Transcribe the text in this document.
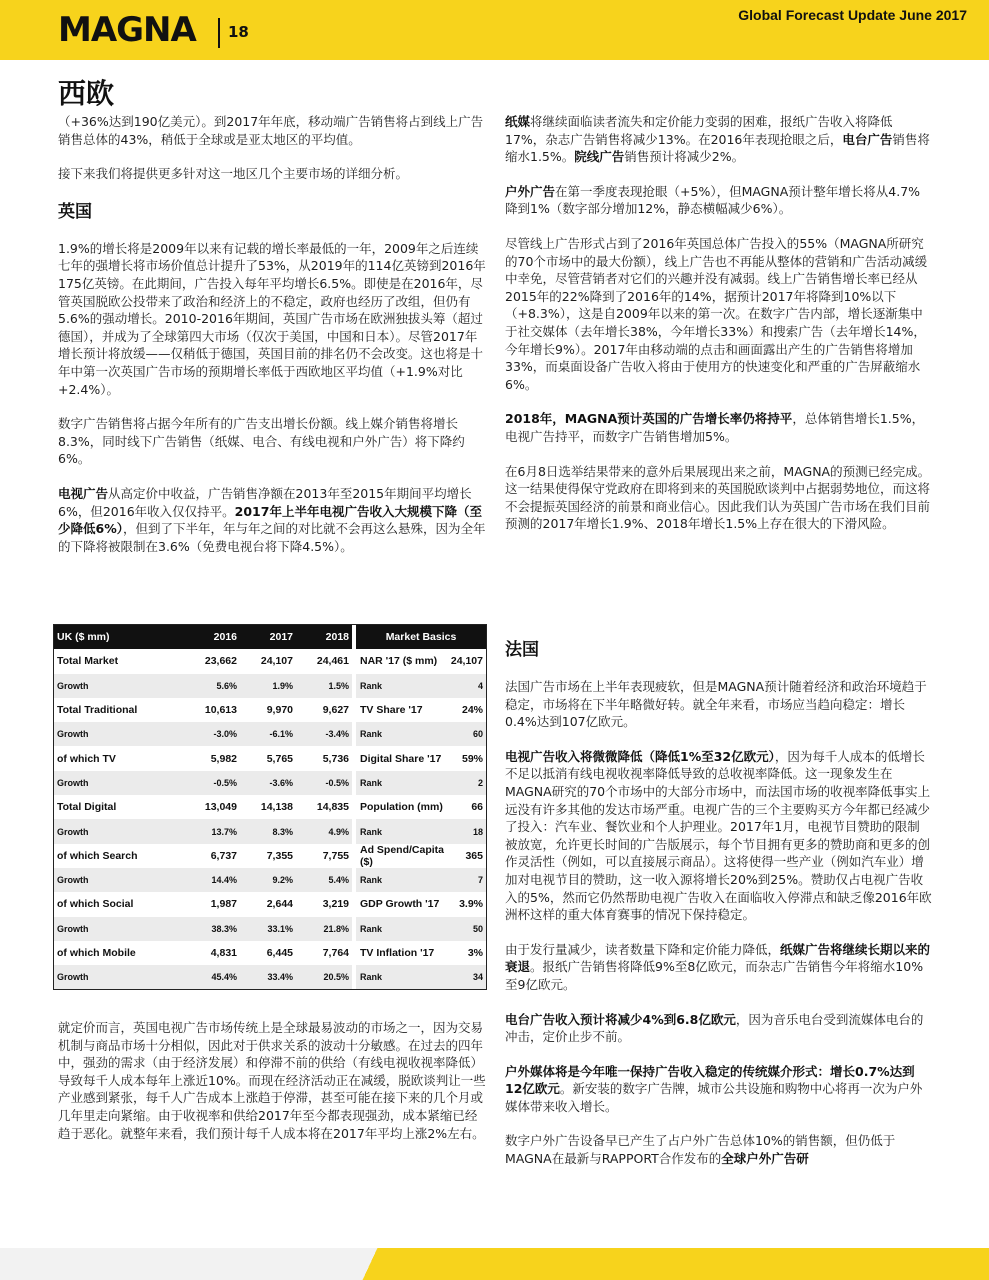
MAGNA 18
Global Forecast Update June 2017
西欧

（+36%达到190亿美元）。到2017年年底，移动端广告销售将占到线上广告销售总体的43%，稍低于全球或是亚太地区的平均值。

接下来我们将提供更多针对这一地区几个主要市场的详细分析。

英国

1.9%的增长将是2009年以来有记载的增长率最低的一年，2009年之后连续七年的强增长将市场价值总计提升了53%，从2019年的114亿英镑到2016年175亿英镑。在此期间，广告投入每年平均增长6.5%。即使是在2016年，尽管英国脱欧公投带来了政治和经济上的不稳定，政府也经历了改组，但仍有5.6%的强动增长。2010-2016年期间，英国广告市场在欧洲独拔头筹（超过德国），并成为了全球第四大市场（仅次于美国，中国和日本）。尽管2017年增长预计将放缓——仅稍低于德国，英国目前的排名仍不会改变。这也将是十年中第一次英国广告市场的预期增长率低于西欧地区平均值（+1.9%对比+2.4%）。

数字广告销售将占据今年所有的广告支出增长份额。线上媒介销售将增长8.3%，同时线下广告销售（纸媒、电合、有线电视和户外广告）将下降约6%。

电视广告从高定价中收益，广告销售净额在2013年至2015年期间平均增长6%，但2016年收入仅仅持平。2017年上半年电视广告收入大规模下降（至少降低6%），但到了下半年，年与年之间的对比就不会再这么悬殊，因为全年的下降将被限制在3.6%（免费电视台将下降4.5%）。

UK ($ mm)	2016	2017	2018		Market Basics	
Total Market	23,662	24,107	24,461		NAR '17 ($ mm)	24,107
Growth	5.6%	1.9%	1.5%		Rank	4
Total Traditional	10,613	9,970	9,627		TV Share '17	24%
Growth	-3.0%	-6.1%	-3.4%		Rank	60
of which TV	5,982	5,765	5,736		Digital Share '17	59%
Growth	-0.5%	-3.6%	-0.5%		Rank	2
Total Digital	13,049	14,138	14,835		Population (mm)	66
Growth	13.7%	8.3%	4.9%		Rank	18
of which Search	6,737	7,355	7,755		Ad Spend/Capita ($)	365
Growth	14.4%	9.2%	5.4%		Rank	7
of which Social	1,987	2,644	3,219		GDP Growth '17	3.9%
Growth	38.3%	33.1%	21.8%		Rank	50
of which Mobile	4,831	6,445	7,764		TV Inflation '17	3%
Growth	45.4%	33.4%	20.5%		Rank	34

就定价而言，英国电视广告市场传统上是全球最易波动的市场之一，因为交易机制与商品市场十分相似，因此对于供求关系的波动十分敏感。在过去的四年中，强劲的需求（由于经济发展）和停滞不前的供给（有线电视收视率降低）导致每千人成本每年上涨近10%。而现在经济活动正在减缓，脱欧谈判让一些产业感到紧张，每千人广告成本上涨趋于停滞，甚至可能在接下来的几个月或几年里走向紧缩。由于收视率和供给2017年至今都表现强劲，成本紧缩已经趋于恶化。就整年来看，我们预计每千人成本将在2017年平均上涨2%左右。

纸媒将继续面临读者流失和定价能力变弱的困难，报纸广告收入将降低17%，杂志广告销售将减少13%。在2016年表现抢眼之后，电台广告销售将缩水1.5%。院线广告销售预计将减少2%。

户外广告在第一季度表现抢眼（+5%），但MAGNA预计整年增长将从4.7%降到1%（数字部分增加12%，静态横幅减少6%）。

尽管线上广告形式占到了2016年英国总体广告投入的55%（MAGNA所研究的70个市场中的最大份额），线上广告也不再能从整体的营销和广告活动减缓中幸免，尽管营销者对它们的兴趣并没有减弱。线上广告销售增长率已经从2015年的22%降到了2016年的14%，据预计2017年将降到10%以下（+8.3%），这是自2009年以来的第一次。在数字广告内部，增长逐渐集中于社交媒体（去年增长38%，今年增长33%）和搜索广告（去年增长14%，今年增长9%）。2017年由移动端的点击和画面露出产生的广告销售将增加33%，而桌面设备广告收入将由于使用方的快速变化和严重的广告屏蔽缩水6%。

2018年，MAGNA预计英国的广告增长率仍将持平，总体销售增长1.5%，电视广告持平，而数字广告销售增加5%。

在6月8日选举结果带来的意外后果展现出来之前，MAGNA的预测已经完成。这一结果使得保守党政府在即将到来的英国脱欧谈判中占据弱势地位，而这将不会提振英国经济的前景和商业信心。因此我们认为英国广告市场在我们目前预测的2017年增长1.9%、2018年增长1.5%上存在很大的下滑风险。

法国

法国广告市场在上半年表现疲软，但是MAGNA预计随着经济和政治环境趋于稳定，市场将在下半年略微好转。就全年来看，市场应当趋向稳定：增长0.4%达到107亿欧元。

电视广告收入将微微降低（降低1%至32亿欧元），因为每千人成本的低增长不足以抵消有线电视收视率降低导致的总收视率降低。这一现象发生在MAGNA研究的70个市场中的大部分市场中，而法国市场的收视率降低事实上远没有许多其他的发达市场严重。电视广告的三个主要购买方今年都已经减少了投入：汽车业、餐饮业和个人护理业。2017年1月，电视节目赞助的限制被放宽，允许更长时间的广告版展示，每个节目拥有更多的赞助商和更多的创作灵活性（例如，可以直接展示商品）。这将使得一些产业（例如汽车业）增加对电视节目的赞助，这一收入源将增长20%到25%。赞助仅占电视广告收入的5%，然而它仍然帮助电视广告收入在面临收入停滞点和缺乏像2016年欧洲杯这样的重大体育赛事的情况下保持稳定。

由于发行量减少，读者数量下降和定价能力降低，纸媒广告将继续长期以来的衰退。报纸广告销售将降低9%至8亿欧元，而杂志广告销售今年将缩水10%至9亿欧元。

电台广告收入预计将减少4%到6.8亿欧元，因为音乐电台受到流媒体电台的冲击，定价止步不前。

户外媒体将是今年唯一保持广告收入稳定的传统媒介形式：增长0.7%达到12亿欧元。新安装的数字广告牌，城市公共设施和购物中心将再一次为户外媒体带来收入增长。

数字户外广告设备早已产生了占户外广告总体10%的销售额，但仍低于MAGNA在最新与RAPPORT合作发布的全球户外广告研
